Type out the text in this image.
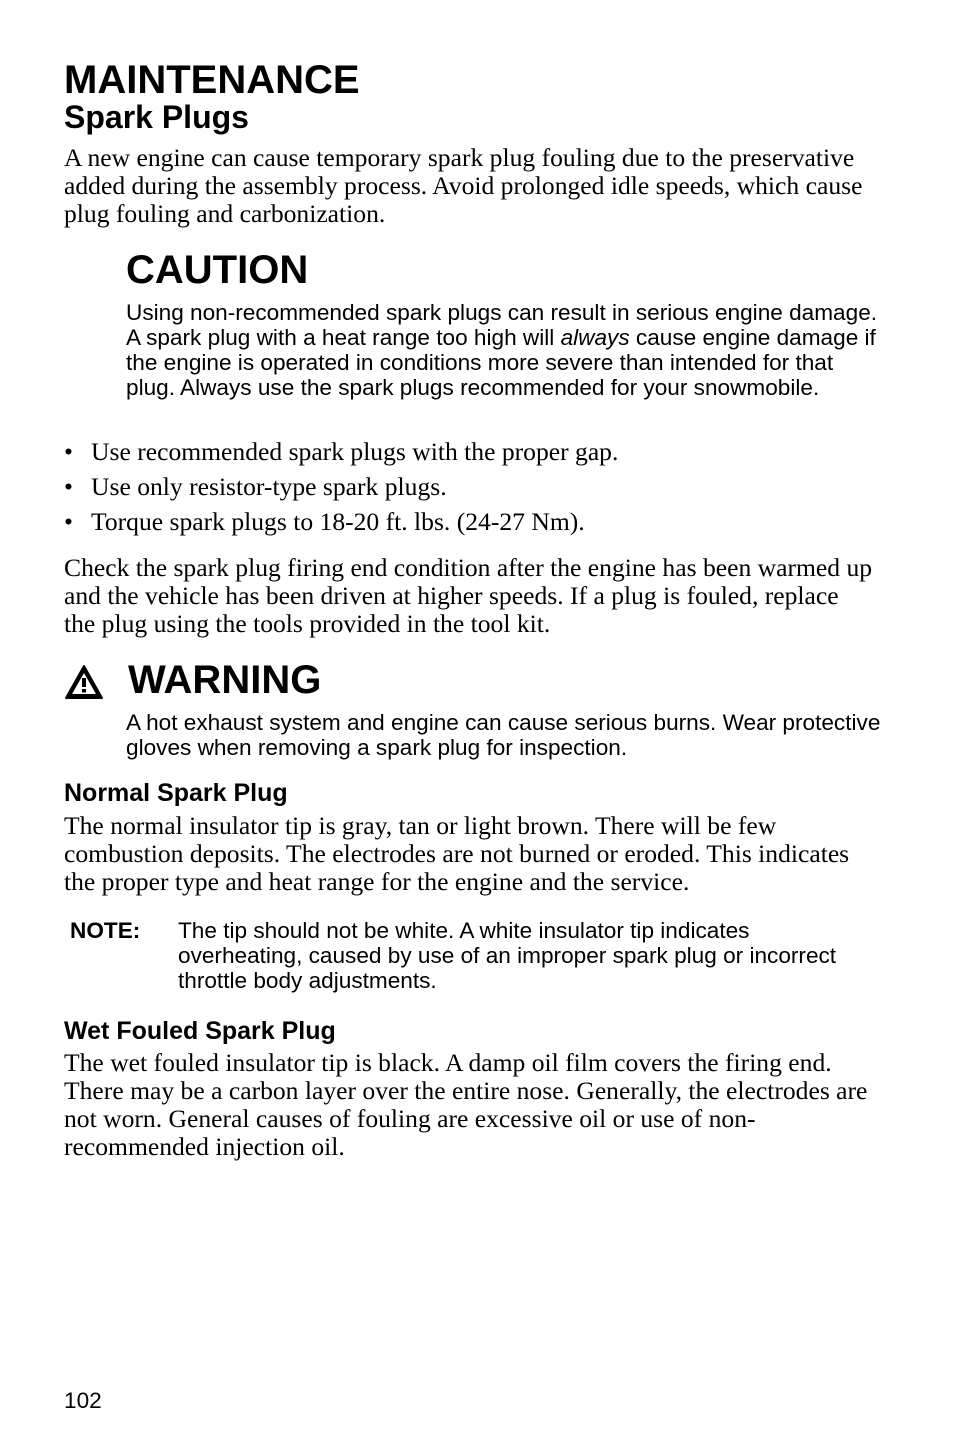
MAINTENANCE
Spark Plugs

A new engine can cause temporary spark plug fouling due to the preservative added during the assembly process. Avoid prolonged idle speeds, which cause plug fouling and carbonization.

CAUTION

Using non-recommended spark plugs can result in serious engine damage. A spark plug with a heat range too high will always cause engine damage if the engine is operated in conditions more severe than intended for that plug. Always use the spark plugs recommended for your snowmobile.

• Use recommended spark plugs with the proper gap.
• Use only resistor-type spark plugs.
• Torque spark plugs to 18-20 ft. lbs. (24-27 Nm).

Check the spark plug firing end condition after the engine has been warmed up and the vehicle has been driven at higher speeds. If a plug is fouled, replace the plug using the tools provided in the tool kit.

WARNING

A hot exhaust system and engine can cause serious burns. Wear protective gloves when removing a spark plug for inspection.

Normal Spark Plug

The normal insulator tip is gray, tan or light brown. There will be few combustion deposits. The electrodes are not burned or eroded. This indicates the proper type and heat range for the engine and the service.

NOTE: The tip should not be white. A white insulator tip indicates overheating, caused by use of an improper spark plug or incorrect throttle body adjustments.

Wet Fouled Spark Plug

The wet fouled insulator tip is black. A damp oil film covers the firing end. There may be a carbon layer over the entire nose. Generally, the electrodes are not worn. General causes of fouling are excessive oil or use of non-recommended injection oil.

102
